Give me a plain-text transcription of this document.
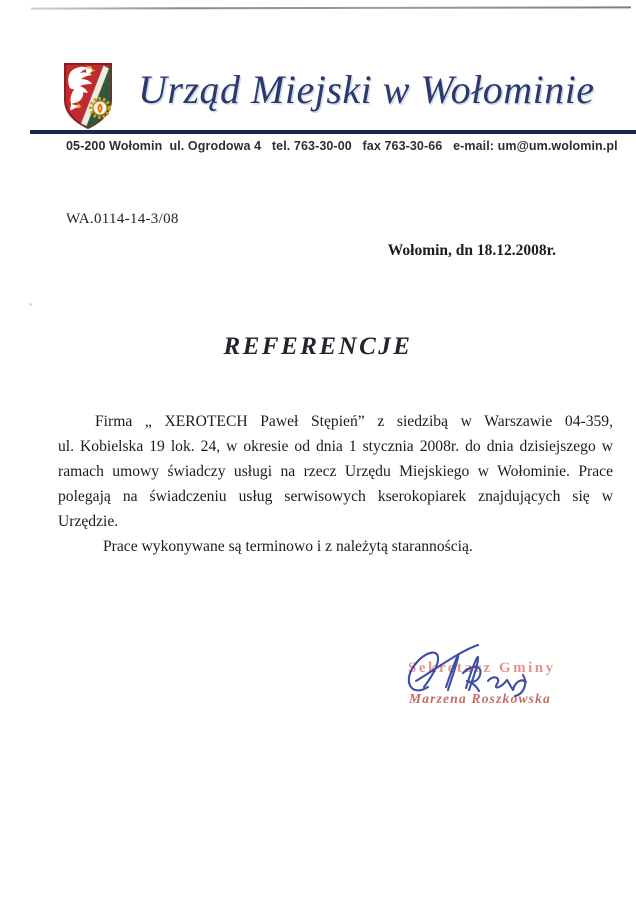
Urząd Miejski w Wołominie
05-200 Wołomin  ul. Ogrodowa 4   tel. 763-30-00   fax 763-30-66   e-mail: um@um.wolomin.pl
WA.0114-14-3/08
Wołomin, dn 18.12.2008r.
REFERENCJE
Firma „ XEROTECH Paweł Stępień” z siedzibą w Warszawie 04-359,
ul. Kobielska 19 lok. 24, w okresie od dnia 1 stycznia 2008r. do dnia dzisiejszego w
ramach umowy świadczy usługi na rzecz Urzędu Miejskiego w Wołominie. Prace
polegają na świadczeniu usług serwisowych kserokopiarek znajdujących się w
Urzędzie.
Prace wykonywane są terminowo i z należytą starannością.
Sekretarz Gminy
Marzena Roszkowska
